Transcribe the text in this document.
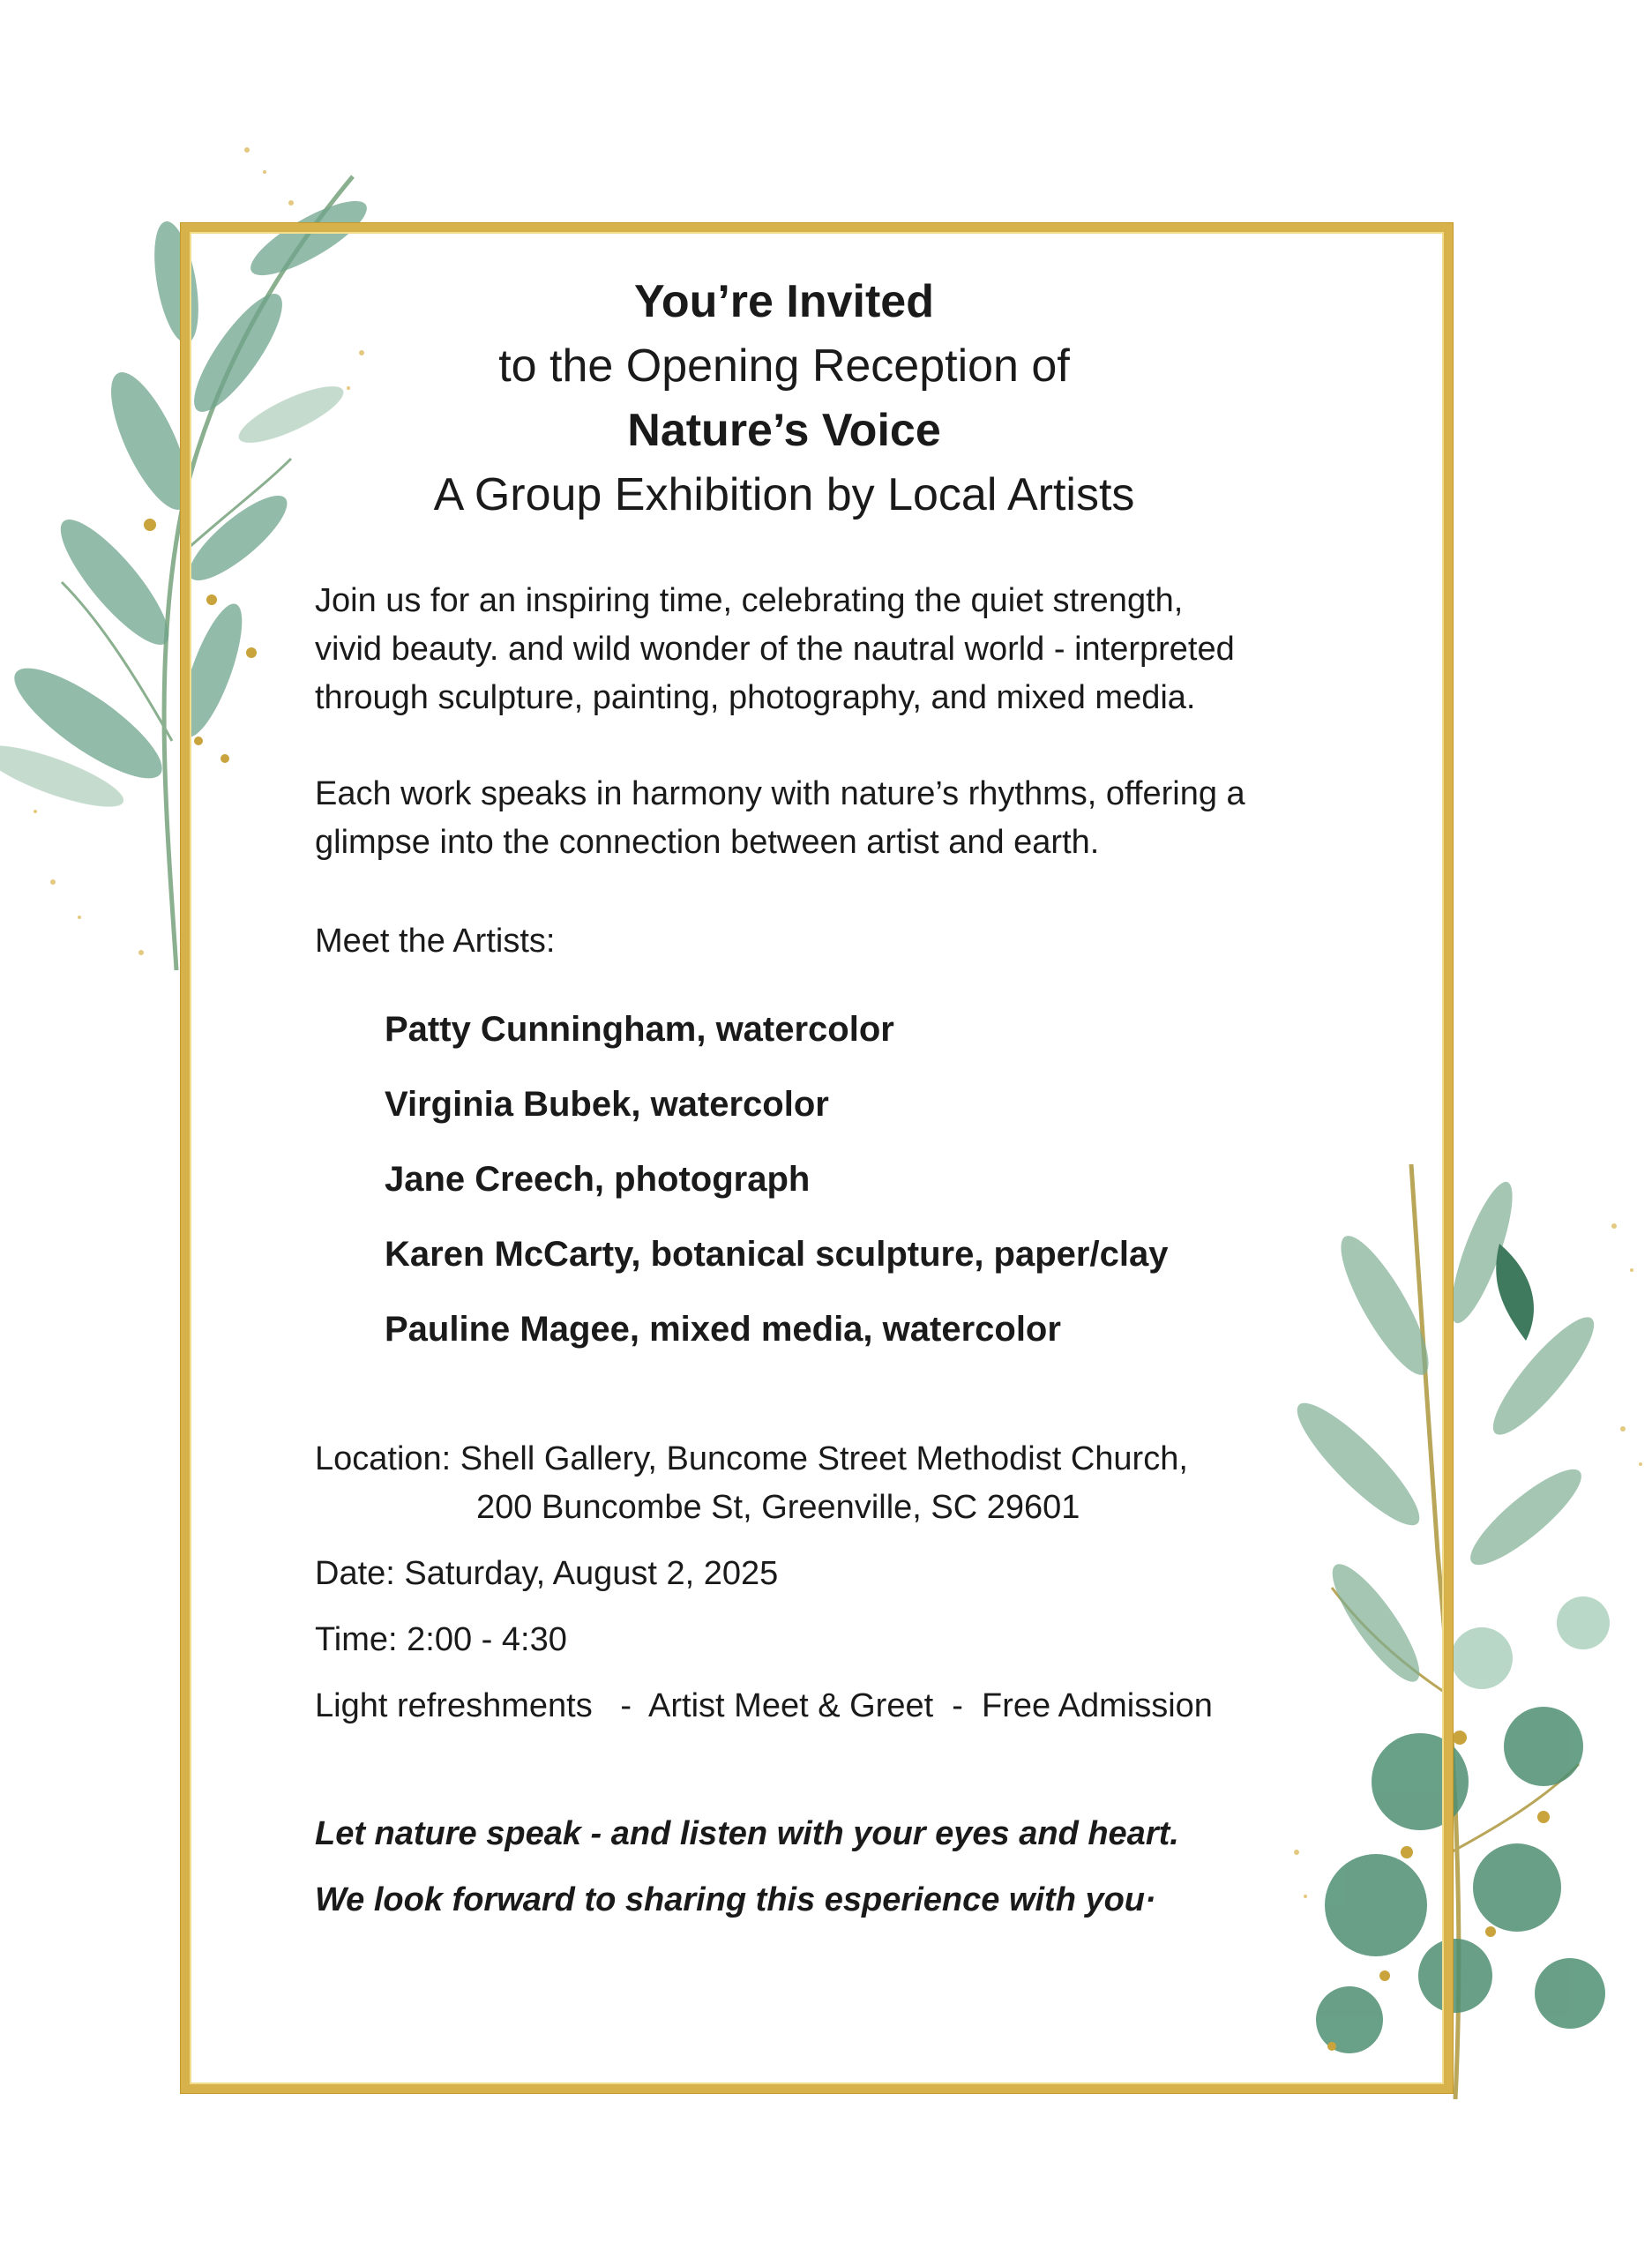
You’re Invited
to the Opening Reception of
Nature’s Voice
A Group Exhibition by Local Artists
Join us for an inspiring time, celebrating the quiet strength,
vivid beauty. and wild wonder of the nautral world - interpreted
through sculpture, painting, photography, and mixed media.
Each work speaks in harmony with nature’s rhythms, offering a
glimpse into the connection between artist and earth.
Meet the Artists:
Patty Cunningham, watercolor
Virginia Bubek, watercolor
Jane Creech, photograph
Karen McCarty, botanical sculpture, paper/clay
Pauline Magee, mixed media, watercolor
Location: Shell Gallery, Buncome Street Methodist Church,
200 Buncombe St, Greenville, SC 29601
Date: Saturday, August 2, 2025
Time: 2:00 - 4:30
Light refreshments   -  Artist Meet & Greet  -  Free Admission
Let nature speak - and listen with your eyes and heart.
We look forward to sharing this esperience with you·
